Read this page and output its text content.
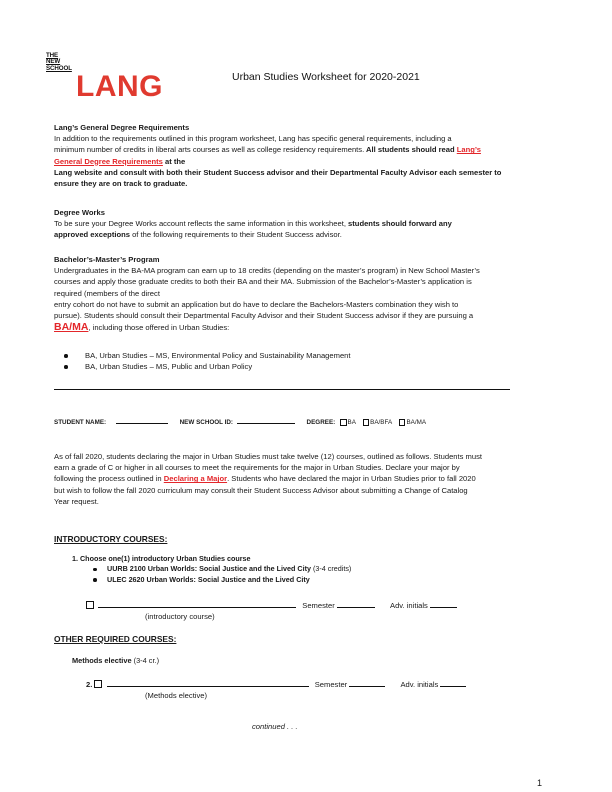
THE
NEW
SCHOOL
LANG	Urban Studies Worksheet for 2020-2021
Lang’s General Degree Requirements
In addition to the requirements outlined in this program worksheet, Lang has specific general requirements, including a
minimum number of credits in liberal arts courses as well as college residency requirements. All students should read Lang’s
General Degree Requirements at the
Lang website and consult with both their Student Success advisor and their Departmental Faculty Advisor each semester to
ensure they are on track to graduate.
Degree Works
To be sure your Degree Works account reflects the same information in this worksheet, students should forward any
approved exceptions of the following requirements to their Student Success advisor.
Bachelor’s-Master’s Program
Undergraduates in the BA-MA program can earn up to 18 credits (depending on the master’s program) in New School Master’s
courses and apply those graduate credits to both their BA and their MA. Submission of the Bachelor’s-Master’s application is
required (members of the direct
entry cohort do not have to submit an application but do have to declare the Bachelors-Masters combination they wish to
pursue). Students should consult their Departmental Faculty Advisor and their Student Success advisor if they are pursuing a
BA/MA, including those offered in Urban Studies:
BA, Urban Studies – MS, Environmental Policy and Sustainability Management
BA, Urban Studies – MS, Public and Urban Policy
STUDENT NAME:	NEW SCHOOL ID:	DEGREE: BA BA/BFA BA/MA
As of fall 2020, students declaring the major in Urban Studies must take twelve (12) courses, outlined as follows. Students must
earn a grade of C or higher in all courses to meet the requirements for the major in Urban Studies. Declare your major by
following the process outlined in Declaring a Major. Students who have declared the major in Urban Studies prior to fall 2020
but wish to follow the fall 2020 curriculum may consult their Student Success Advisor about submitting a Change of Catalog
Year request.
INTRODUCTORY COURSES:
1. Choose one(1) introductory Urban Studies course
UURB 2100 Urban Worlds: Social Justice and the Lived City (3-4 credits)
ULEC 2620 Urban Worlds: Social Justice and the Lived City
Semester	Adv. initials
(introductory course)
OTHER REQUIRED COURSES:
Methods elective (3-4 cr.)
2.	Semester	Adv. initials
(Methods elective)
continued . . .
1
